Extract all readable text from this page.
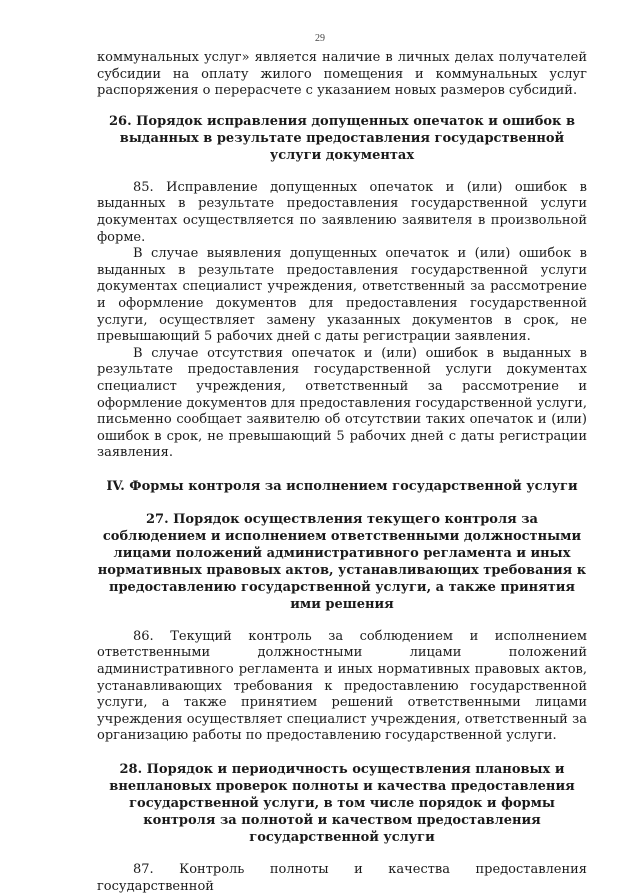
29

коммунальных услуг» является наличие в личных делах получателей субсидии на оплату жилого помещения и коммунальных услуг распоряжения о перерасчете с указанием новых размеров субсидий.

26. Порядок исправления допущенных опечаток и ошибок в выданных в результате предоставления государственной услуги документах

85. Исправление допущенных опечаток и (или) ошибок в выданных в результате предоставления государственной услуги документах осуществляется по заявлению заявителя в произвольной форме.

В случае выявления допущенных опечаток и (или) ошибок в выданных в результате предоставления государственной услуги документах специалист учреждения, ответственный за рассмотрение и оформление документов для предоставления государственной услуги, осуществляет замену указанных документов в срок, не превышающий 5 рабочих дней с даты регистрации заявления.

В случае отсутствия опечаток и (или) ошибок в выданных в результате предоставления государственной услуги документах специалист учреждения, ответственный за рассмотрение и оформление документов для предоставления государственной услуги, письменно сообщает заявителю об отсутствии таких опечаток и (или) ошибок в срок, не превышающий 5 рабочих дней с даты регистрации заявления.

IV. Формы контроля за исполнением государственной услуги

27. Порядок осуществления текущего контроля за соблюдением и исполнением ответственными должностными лицами положений административного регламента и иных нормативных правовых актов, устанавливающих требования к предоставлению государственной услуги, а также принятия ими решения

86. Текущий контроль за соблюдением и исполнением ответственными должностными лицами положений административного регламента и иных нормативных правовых актов, устанавливающих требования к предоставлению государственной услуги, а также принятием решений ответственными лицами учреждения осуществляет специалист учреждения, ответственный за организацию работы по предоставлению государственной услуги.

28. Порядок и периодичность осуществления плановых и внеплановых проверок полноты и качества предоставления государственной услуги, в том числе порядок и формы контроля за полнотой и качеством предоставления государственной услуги

87. Контроль полноты и качества предоставления государственной
